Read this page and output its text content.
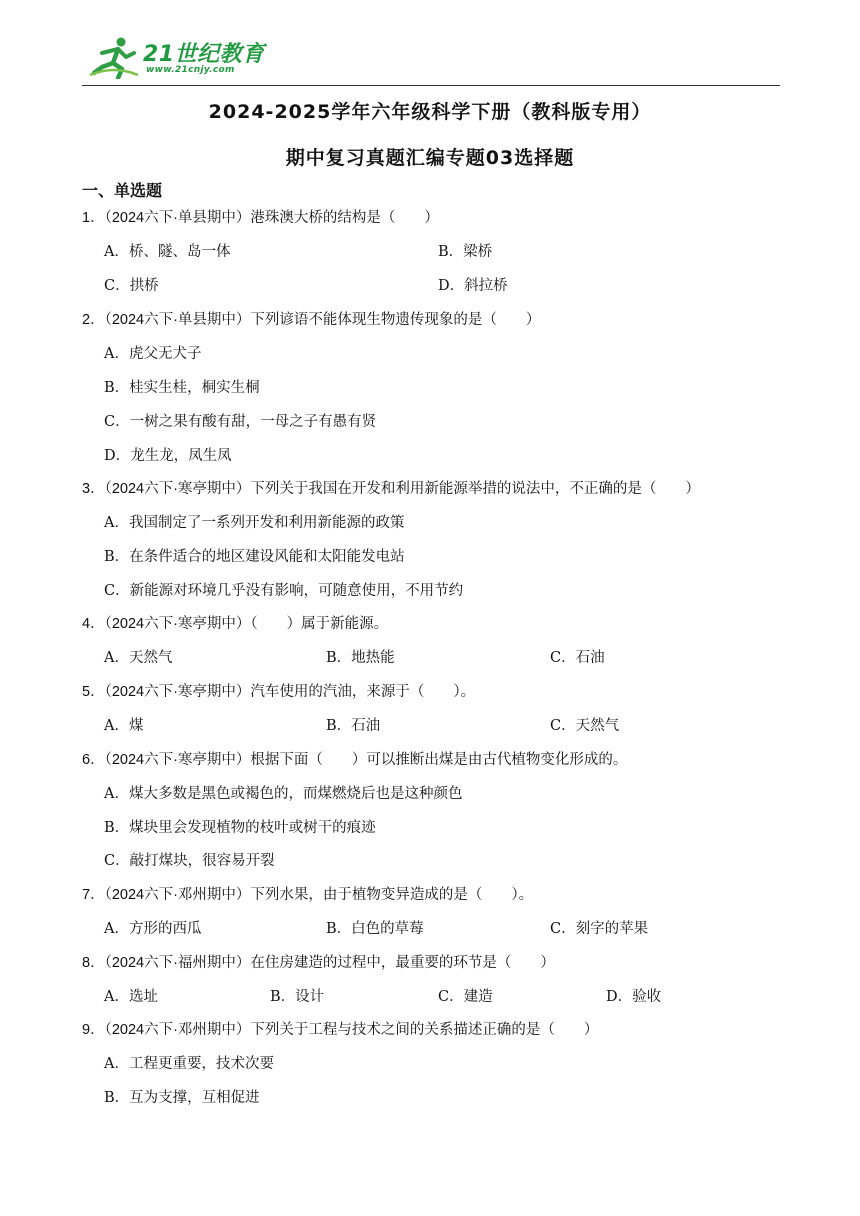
21世纪教育
www.21cnjy.com
2024-2025学年六年级科学下册（教科版专用）
期中复习真题汇编专题03选择题
一、单选题
1．（2024六下·单县期中）港珠澳大桥的结构是（　　）
A．桥、隧、岛一体	B．梁桥
C．拱桥	D．斜拉桥
2．（2024六下·单县期中）下列谚语不能体现生物遗传现象的是（　　）
A．虎父无犬子
B．桂实生桂，桐实生桐
C．一树之果有酸有甜，一母之子有愚有贤
D．龙生龙，凤生凤
3．（2024六下·寒亭期中）下列关于我国在开发和利用新能源举措的说法中，不正确的是（　　）
A．我国制定了一系列开发和利用新能源的政策
B．在条件适合的地区建设风能和太阳能发电站
C．新能源对环境几乎没有影响，可随意使用，不用节约
4．（2024六下·寒亭期中）（　　）属于新能源。
A．天然气	B．地热能	C．石油
5．（2024六下·寒亭期中）汽车使用的汽油，来源于（　　）。
A．煤	B．石油	C．天然气
6．（2024六下·寒亭期中）根据下面（　　）可以推断出煤是由古代植物变化形成的。
A．煤大多数是黑色或褐色的，而煤燃烧后也是这种颜色
B．煤块里会发现植物的枝叶或树干的痕迹
C．敲打煤块，很容易开裂
7．（2024六下·邓州期中）下列水果，由于植物变异造成的是（　　）。
A．方形的西瓜	B．白色的草莓	C．刻字的苹果
8．（2024六下·福州期中）在住房建造的过程中，最重要的环节是（　　）
A．选址	B．设计	C．建造	D．验收
9．（2024六下·邓州期中）下列关于工程与技术之间的关系描述正确的是（　　）
A．工程更重要，技术次要
B．互为支撑，互相促进
